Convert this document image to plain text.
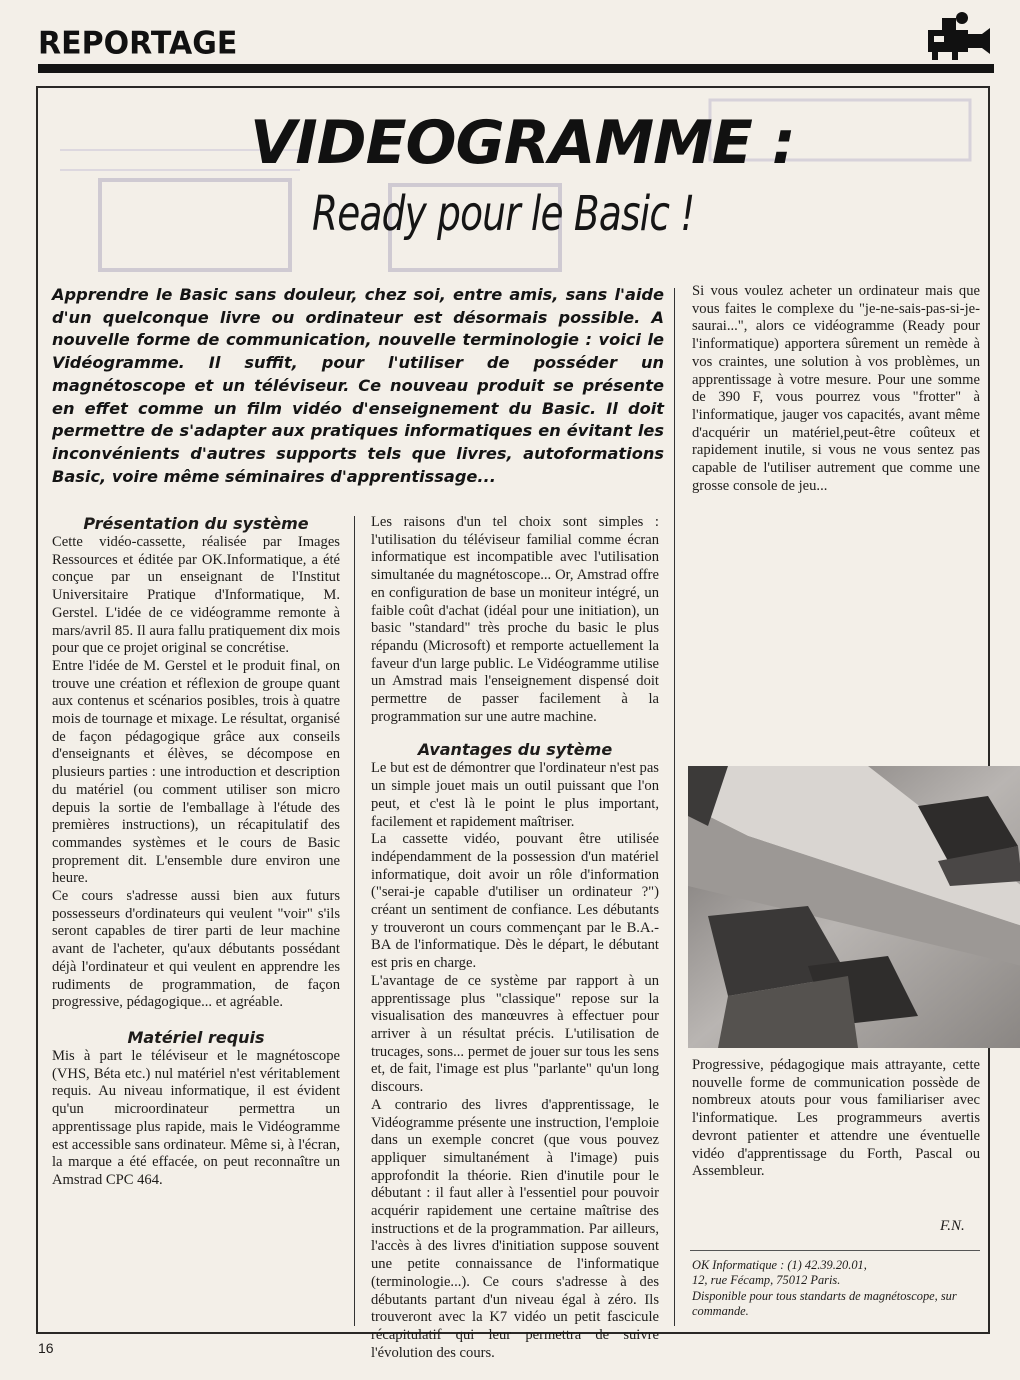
REPORTAGE
VIDEOGRAMME :
Ready pour le Basic !

Apprendre le Basic sans douleur, chez soi, entre amis, sans l'aide d'un quelconque livre ou ordinateur est désormais possible. A nouvelle forme de communication, nouvelle terminologie : voici le Vidéogramme. Il suffit, pour l'utiliser de posséder un magnétoscope et un téléviseur. Ce nouveau produit se présente en effet comme un film vidéo d'enseignement du Basic. Il doit permettre de s'adapter aux pratiques informatiques en évitant les inconvénients d'autres supports tels que livres, autoformations Basic, voire même séminaires d'apprentissage...

Présentation du système

Cette vidéo-cassette, réalisée par Images Ressources et éditée par OK.Informatique, a été conçue par un enseignant de l'Institut Universitaire Pratique d'Informatique, M. Gerstel. L'idée de ce vidéogramme remonte à mars/avril 85. Il aura fallu pratiquement dix mois pour que ce projet original se concrétise.

Entre l'idée de M. Gerstel et le produit final, on trouve une création et réflexion de groupe quant aux contenus et scénarios posibles, trois à quatre mois de tournage et mixage. Le résultat, organisé de façon pédagogique grâce aux conseils d'enseignants et élèves, se décompose en plusieurs parties : une introduction et description du matériel (ou comment utiliser son micro depuis la sortie de l'emballage à l'étude des premières instructions), un récapitulatif des commandes systèmes et le cours de Basic proprement dit. L'ensemble dure environ une heure.

Ce cours s'adresse aussi bien aux futurs possesseurs d'ordinateurs qui veulent "voir" s'ils seront capables de tirer parti de leur machine avant de l'acheter, qu'aux débutants possédant déjà l'ordinateur et qui veulent en apprendre les rudiments de programmation, de façon progressive, pédagogique... et agréable.

Matériel requis

Mis à part le téléviseur et le magnétoscope (VHS, Béta etc.) nul matériel n'est véritablement requis. Au niveau informatique, il est évident qu'un microordinateur permettra un apprentissage plus rapide, mais le Vidéogramme est accessible sans ordinateur. Même si, à l'écran, la marque a été effacée, on peut reconnaître un Amstrad CPC 464.

Les raisons d'un tel choix sont simples : l'utilisation du téléviseur familial comme écran informatique est incompatible avec l'utilisation simultanée du magnétoscope... Or, Amstrad offre en configuration de base un moniteur intégré, un faible coût d'achat (idéal pour une initiation), un basic "standard" très proche du basic le plus répandu (Microsoft) et remporte actuellement la faveur d'un large public. Le Vidéogramme utilise un Amstrad mais l'enseignement dispensé doit permettre de passer facilement à la programmation sur une autre machine.

Avantages du sytème

Le but est de démontrer que l'ordinateur n'est pas un simple jouet mais un outil puissant que l'on peut, et c'est là le point le plus important, facilement et rapidement maîtriser.

La cassette vidéo, pouvant être utilisée indépendamment de la possession d'un matériel informatique, doit avoir un rôle d'information ("serai-je capable d'utiliser un ordinateur ?") créant un sentiment de confiance. Les débutants y trouveront un cours commençant par le B.A.-BA de l'informatique. Dès le départ, le débutant est pris en charge.

L'avantage de ce système par rapport à un apprentissage plus "classique" repose sur la visualisation des manœuvres à effectuer pour arriver à un résultat précis. L'utilisation de trucages, sons... permet de jouer sur tous les sens et, de fait, l'image est plus "parlante" qu'un long discours.

A contrario des livres d'apprentissage, le Vidéogramme présente une instruction, l'emploie dans un exemple concret (que vous pouvez appliquer simultanément à l'image) puis approfondit la théorie. Rien d'inutile pour le débutant : il faut aller à l'essentiel pour pouvoir acquérir rapidement une certaine maîtrise des instructions et de la programmation. Par ailleurs, l'accès à des livres d'initiation suppose souvent une petite connaissance de l'informatique (terminologie...). Ce cours s'adresse à des débutants partant d'un niveau égal à zéro. Ils trouveront avec la K7 vidéo un petit fascicule récapitulatif qui leur permettra de suivre l'évolution des cours.

Si vous voulez acheter un ordinateur mais que vous faites le complexe du "je-ne-sais-pas-si-je-saurai...", alors ce vidéogramme (Ready pour l'informatique) apportera sûrement un remède à vos craintes, une solution à vos problèmes, un apprentissage à votre mesure. Pour une somme de 390 F, vous pourrez vous "frotter" à l'informatique, jauger vos capacités, avant même d'acquérir un matériel,peut-être coûteux et rapidement inutile, si vous ne vous sentez pas capable de l'utiliser autrement que comme une grosse console de jeu...

Progressive, pédagogique mais attrayante, cette nouvelle forme de communication possède de nombreux atouts pour vous familiariser avec l'informatique. Les programmeurs avertis devront patienter et attendre une éventuelle vidéo d'apprentissage du Forth, Pascal ou Assembleur.

F.N.

OK Informatique : (1) 42.39.20.01,
12, rue Fécamp, 75012 Paris.
Disponible pour tous standarts de magnétoscope, sur commande.

16
